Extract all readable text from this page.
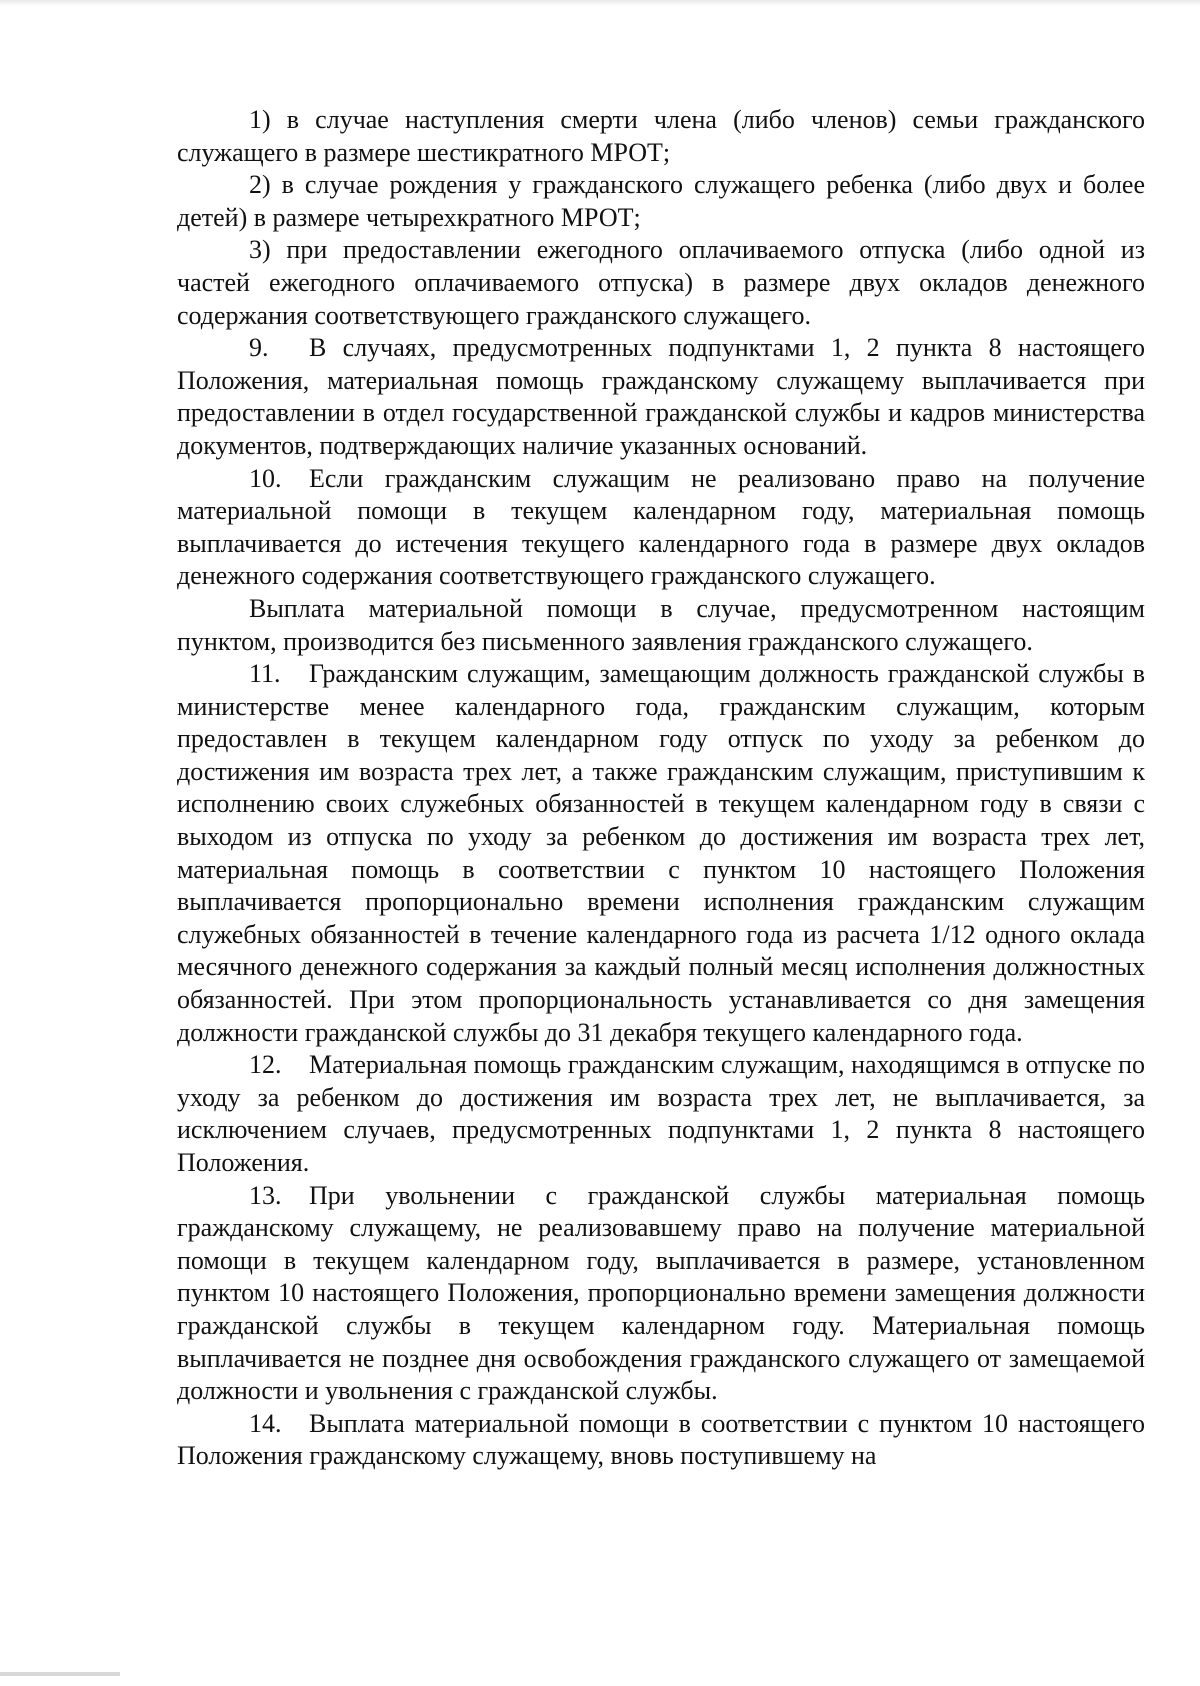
1) в случае наступления смерти члена (либо членов) семьи гражданского служащего в размере шестикратного МРОТ;

2) в случае рождения у гражданского служащего ребенка (либо двух и более детей) в размере четырехкратного МРОТ;

3) при предоставлении ежегодного оплачиваемого отпуска (либо одной из частей ежегодного оплачиваемого отпуска) в размере двух окладов денежного содержания соответствующего гражданского служащего.

9. В случаях, предусмотренных подпунктами 1, 2 пункта 8 настоящего Положения, материальная помощь гражданскому служащему выплачивается при предоставлении в отдел государственной гражданской службы и кадров министерства документов, подтверждающих наличие указанных оснований.

10. Если гражданским служащим не реализовано право на получение материальной помощи в текущем календарном году, материальная помощь выплачивается до истечения текущего календарного года в размере двух окладов денежного содержания соответствующего гражданского служащего.

Выплата материальной помощи в случае, предусмотренном настоящим пунктом, производится без письменного заявления гражданского служащего.

11. Гражданским служащим, замещающим должность гражданской службы в министерстве менее календарного года, гражданским служащим, которым предоставлен в текущем календарном году отпуск по уходу за ребенком до достижения им возраста трех лет, а также гражданским служащим, приступившим к исполнению своих служебных обязанностей в текущем календарном году в связи с выходом из отпуска по уходу за ребенком до достижения им возраста трех лет, материальная помощь в соответствии с пунктом 10 настоящего Положения выплачивается пропорционально времени исполнения гражданским служащим служебных обязанностей в течение календарного года из расчета 1/12 одного оклада месячного денежного содержания за каждый полный месяц исполнения должностных обязанностей. При этом пропорциональность устанавливается со дня замещения должности гражданской службы до 31 декабря текущего календарного года.

12. Материальная помощь гражданским служащим, находящимся в отпуске по уходу за ребенком до достижения им возраста трех лет, не выплачивается, за исключением случаев, предусмотренных подпунктами 1, 2 пункта 8 настоящего Положения.

13. При увольнении с гражданской службы материальная помощь гражданскому служащему, не реализовавшему право на получение материальной помощи в текущем календарном году, выплачивается в размере, установленном пунктом 10 настоящего Положения, пропорционально времени замещения должности гражданской службы в текущем календарном году. Материальная помощь выплачивается не позднее дня освобождения гражданского служащего от замещаемой должности и увольнения с гражданской службы.

14. Выплата материальной помощи в соответствии с пунктом 10 настоящего Положения гражданскому служащему, вновь поступившему на
